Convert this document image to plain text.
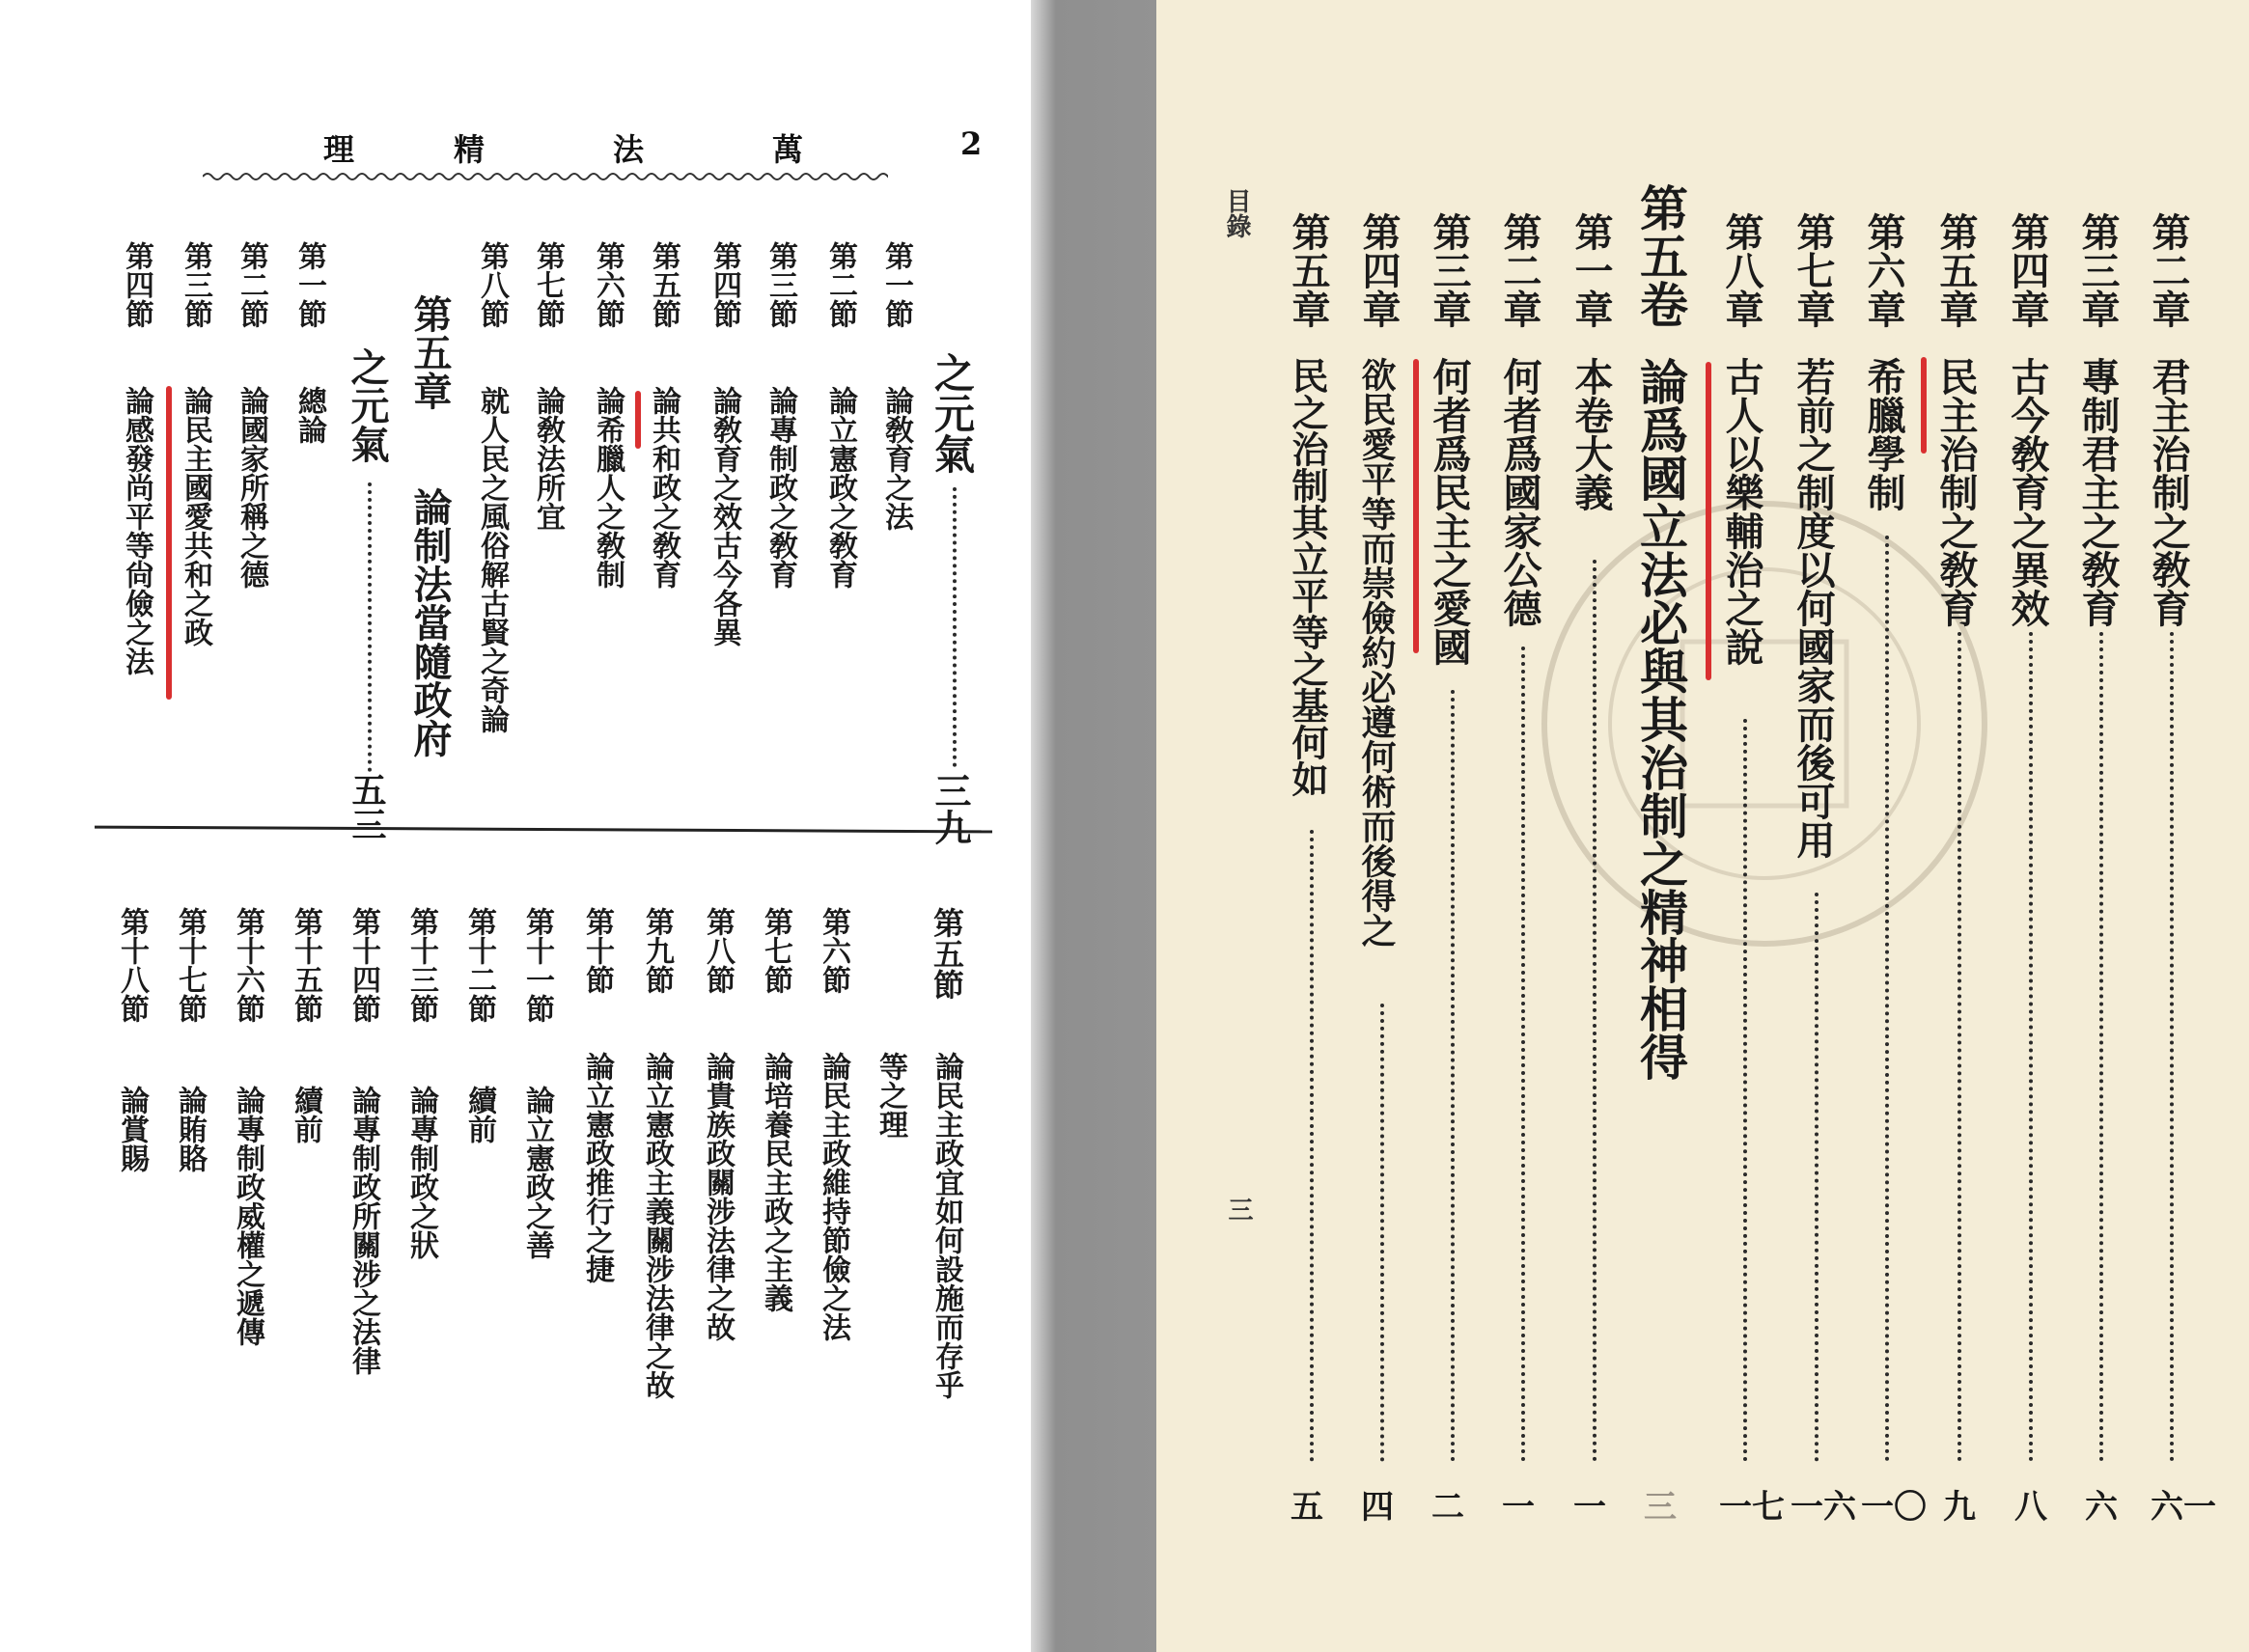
2
萬
法
精
理
之元氣
三九
第一節
論敎育之法
第二節
論立憲政之敎育
第三節
論專制政之敎育
第四節
論敎育之效古今各異
第五節
論共和政之敎育
第六節
論希臘人之敎制
第七節
論敎法所宜
第八節
就人民之風俗解古賢之奇論
第五章
論制法當隨政府
之元氣
五三
第一節
總論
第二節
論國家所稱之德
第三節
論民主國愛共和之政
第四節
論感發尚平等尙儉之法
第五節
論民主政宜如何設施而存乎
等之理
第六節
論民主政維持節儉之法
第七節
論培養民主政之主義
第八節
論貴族政關涉法律之故
第九節
論立憲政主義關涉法律之故
第十節
論立憲政推行之捷
第十一節
論立憲政之善
第十二節
續前
第十三節
論專制政之狀
第十四節
論專制政所關涉之法律
第十五節
續前
第十六節
論專制政威權之遞傳
第十七節
論賄賂
第十八節
論賞賜
目錄
三
第二章
君主治制之敎育
六一
第三章
專制君主之敎育
六
第四章
古今敎育之異效
八
第五章
民主治制之敎育
九
第六章
希臘學制
一〇
第七章
若前之制度以何國家而後可用
一六
第八章
古人以樂輔治之說
一七
第五卷
論爲國立法必與其治制之精神相得
三
第一章
本卷大義
一
第二章
何者爲國家公德
一
第三章
何者爲民主之愛國
二
第四章
欲民愛平等而崇儉約必遵何術而後得之
四
第五章
民之治制其立平等之基何如
五
